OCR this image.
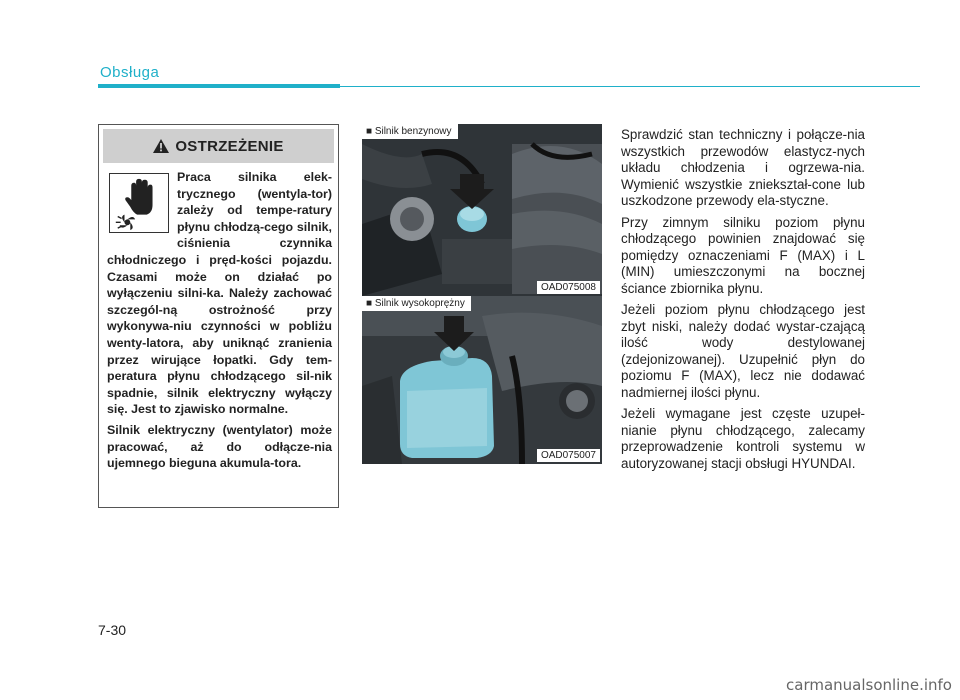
Obsługa
OSTRZEŻENIE

Praca silnika elek-trycznego (wentyla-tor) zależy od tempe-ratury płynu chłodzą-cego silnik, ciśnienia czynnika chłodniczego i pręd-kości pojazdu. Czasami może on działać po wyłączeniu silni-ka. Należy zachować szczegól-ną ostrożność przy wykonywa-niu czynności w pobliżu wenty-latora, aby uniknąć zranienia przez wirujące łopatki. Gdy tem-peratura płynu chłodzącego sil-nik spadnie, silnik elektryczny wyłączy się. Jest to zjawisko normalne.

Silnik elektryczny (wentylator) może pracować, aż do odłącze-nia ujemnego bieguna akumula-tora.

■ Silnik benzynowy
OAD075008
■ Silnik wysokoprężny
OAD075007

Sprawdzić stan techniczny i połącze-nia wszystkich przewodów elastycz-nych układu chłodzenia i ogrzewa-nia. Wymienić wszystkie zniekształ-cone lub uszkodzone przewody ela-styczne.

Przy zimnym silniku poziom płynu chłodzącego powinien znajdować się pomiędzy oznaczeniami F (MAX) i L (MIN) umieszczonymi na bocznej ściance zbiornika płynu.

Jeżeli poziom płynu chłodzącego jest zbyt niski, należy dodać wystar-czającą ilość wody destylowanej (zdejonizowanej). Uzupełnić płyn do poziomu F (MAX), lecz nie dodawać nadmiernej ilości płynu.

Jeżeli wymagane jest częste uzupeł-nianie płynu chłodzącego, zalecamy przeprowadzenie kontroli systemu w autoryzowanej stacji obsługi HYUNDAI.

7-30
carmanualsonline.info
